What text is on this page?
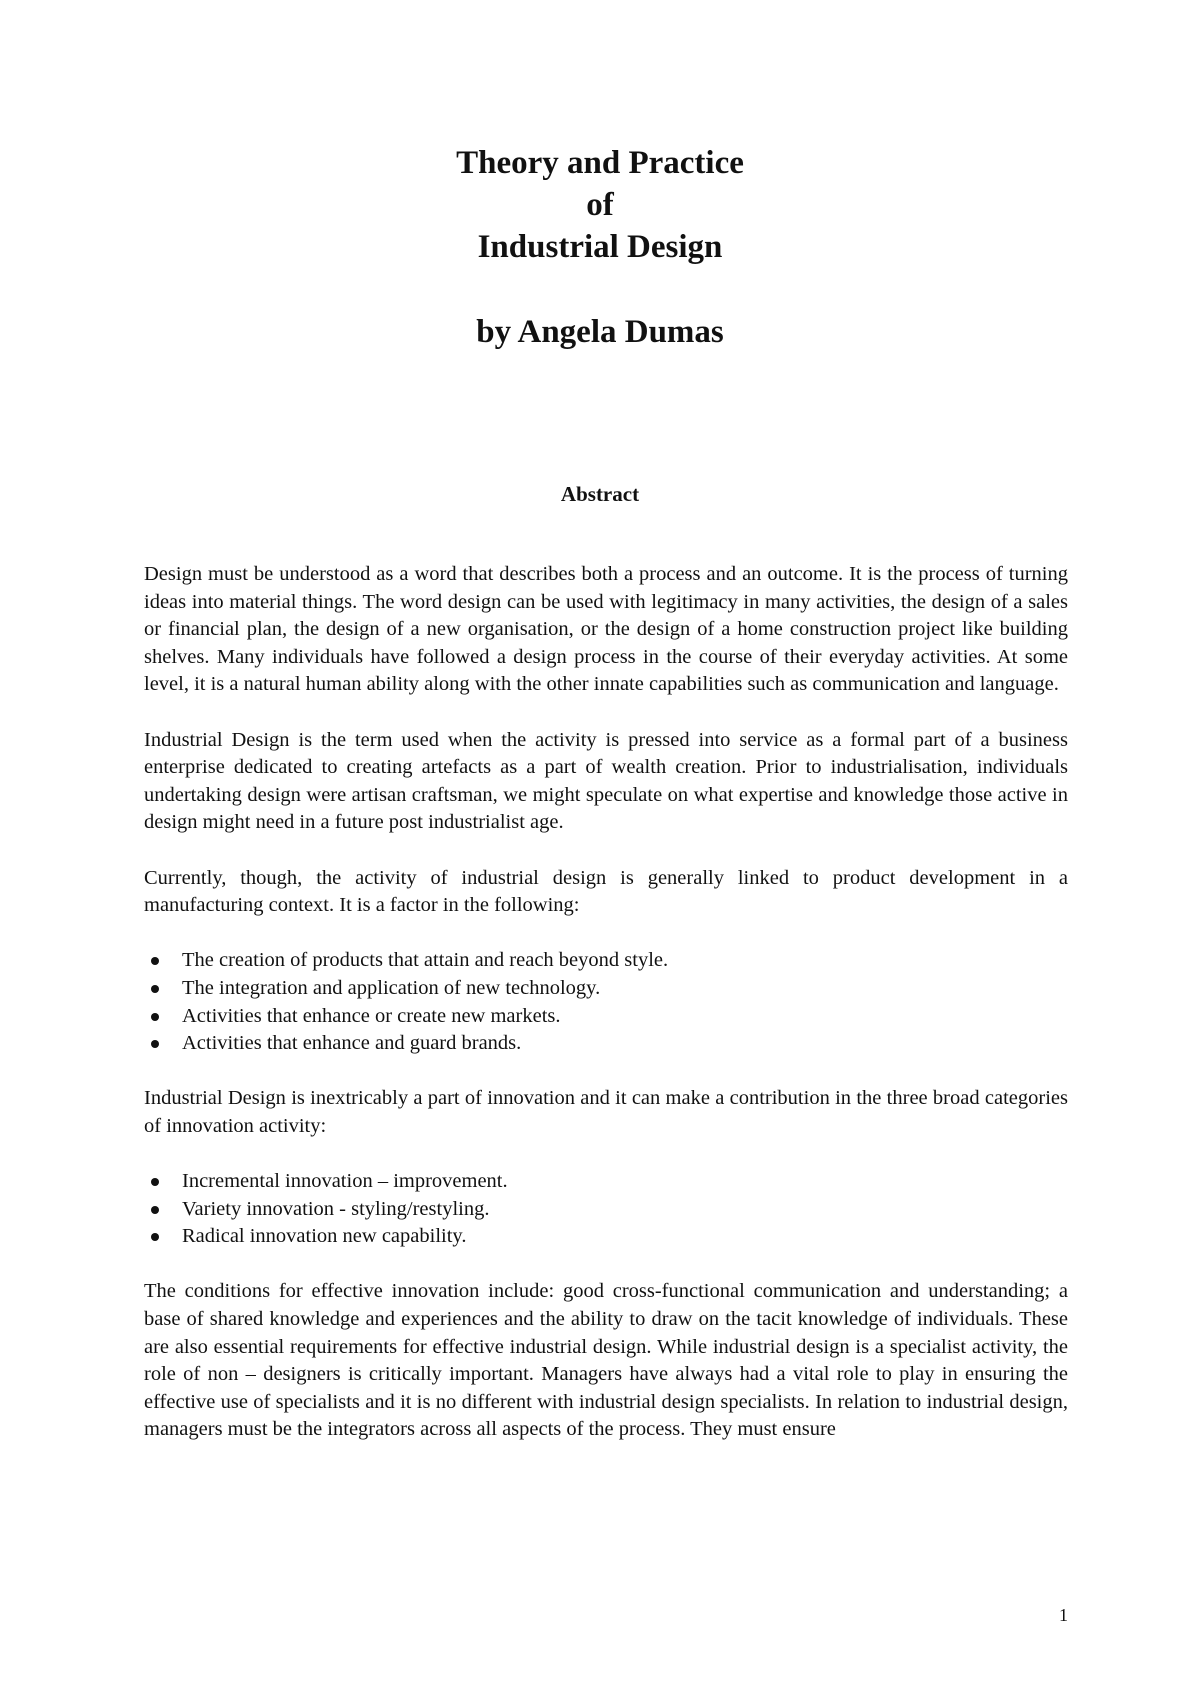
Theory and Practice
of
Industrial Design
by Angela Dumas
Abstract

Design must be understood as a word that describes both a process and an outcome. It is the process of turning ideas into material things. The word design can be used with legitimacy in many activities, the design of a sales or financial plan, the design of a new organisation, or the design of a home construction project like building shelves. Many individuals have followed a design process in the course of their everyday activities. At some level, it is a natural human ability along with the other innate capabilities such as communication and language.

Industrial Design is the term used when the activity is pressed into service as a formal part of a business enterprise dedicated to creating artefacts as a part of wealth creation. Prior to industrialisation, individuals undertaking design were artisan craftsman, we might speculate on what expertise and knowledge those active in design might need in a future post industrialist age.

Currently, though, the activity of industrial design is generally linked to product development in a manufacturing context. It is a factor in the following:

The creation of products that attain and reach beyond style.
The integration and application of new technology.
Activities that enhance or create new markets.
Activities that enhance and guard brands.

Industrial Design is inextricably a part of innovation and it can make a contribution in the three broad categories of innovation activity:

Incremental innovation – improvement.
Variety innovation - styling/restyling.
Radical innovation new capability.

The conditions for effective innovation include: good cross-functional communication and understanding; a base of shared knowledge and experiences and the ability to draw on the tacit knowledge of individuals. These are also essential requirements for effective industrial design. While industrial design is a specialist activity, the role of non – designers is critically important. Managers have always had a vital role to play in ensuring the effective use of specialists and it is no different with industrial design specialists. In relation to industrial design, managers must be the integrators across all aspects of the process. They must ensure

1
